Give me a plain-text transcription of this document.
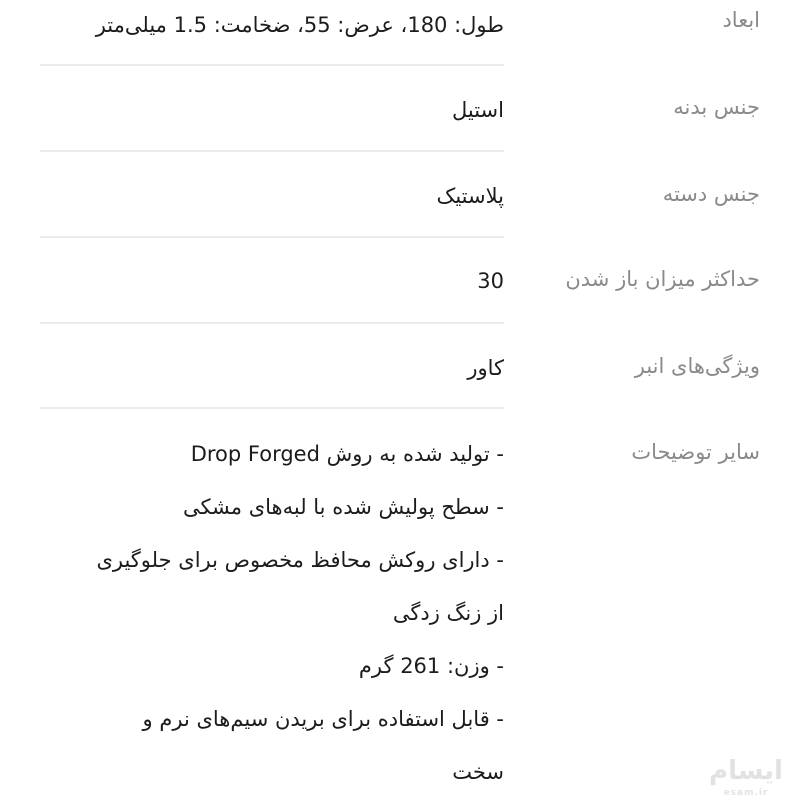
ابعاد
طول: 180، عرض: 55، ضخامت: 1.5 میلی‌متر
جنس بدنه
استیل
جنس دسته
پلاستیک
حداکثر میزان باز شدن
30
ویژگی‌های انبر
کاور
سایر توضیحات
- تولید شده به روش Drop Forged
- سطح پولیش شده با لبه‌های مشکی
- دارای روکش محافظ مخصوص برای جلوگیری
از زنگ زدگی
- وزن: 261 گرم
- قابل استفاده برای بریدن سیم‌های نرم و
سخت	ایسام
esam.ir
